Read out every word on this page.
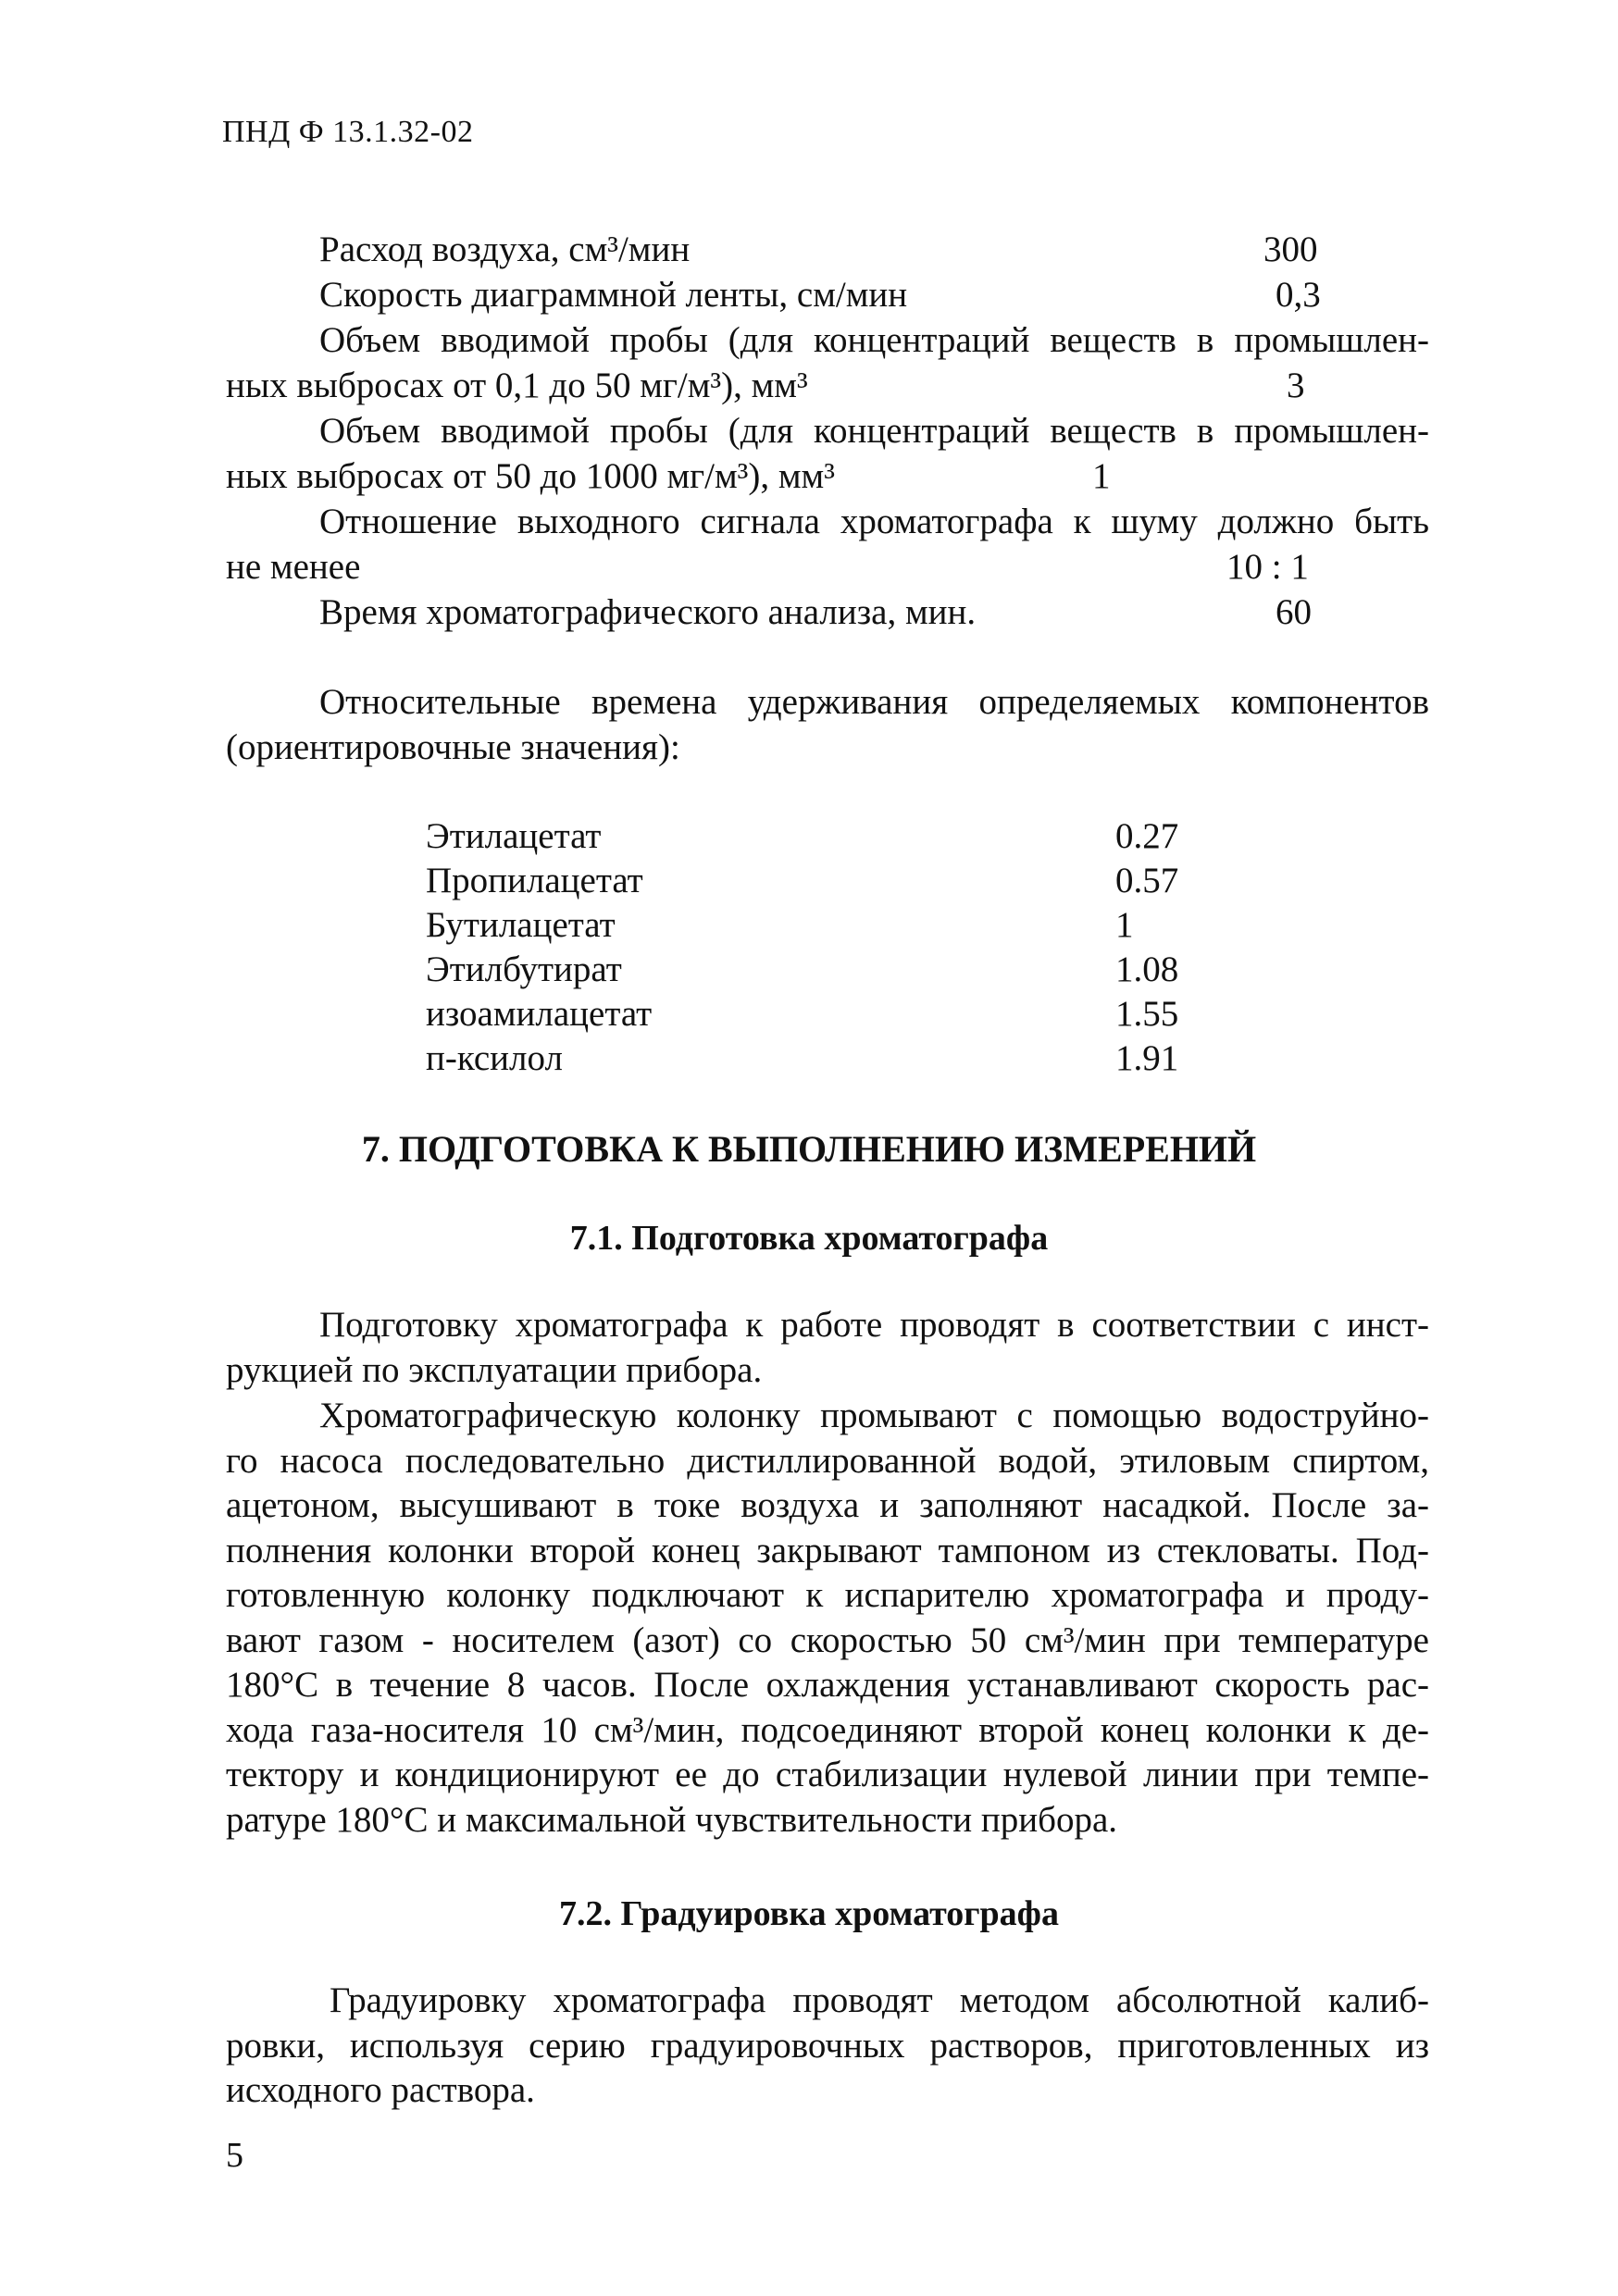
ПНД Ф 13.1.32-02
Расход воздуха, см³/мин	300
Скорость диаграммной ленты, см/мин	0,3
Объем вводимой пробы (для концентраций веществ в промышлен-
ных выбросах от 0,1 до 50 мг/м³), мм³	3
Объем вводимой пробы (для концентраций веществ в промышлен-
ных выбросах от 50 до 1000 мг/м³), мм³	1
Отношение выходного сигнала хроматографа к шуму должно быть
не менее	10 : 1
Время хроматографического анализа, мин.	60
Относительные времена удерживания определяемых компонентов
(ориентировочные значения):
Этилацетат	0.27
Пропилацетат	0.57
Бутилацетат	1
Этилбутират	1.08
изоамилацетат	1.55
п-ксилол	1.91
7. ПОДГОТОВКА К ВЫПОЛНЕНИЮ ИЗМЕРЕНИЙ
7.1. Подготовка хроматографа
Подготовку хроматографа к работе проводят в соответствии с инст-
рукцией по эксплуатации прибора.
Хроматографическую колонку промывают с помощью водоструйно-
го насоса последовательно дистиллированной водой, этиловым спиртом,
ацетоном, высушивают в токе воздуха и заполняют насадкой. После за-
полнения колонки второй конец закрывают тампоном из стекловаты. Под-
готовленную колонку подключают к испарителю хроматографа и проду-
вают газом - носителем (азот) со скоростью 50 см³/мин при температуре
180°C в течение 8 часов. После охлаждения устанавливают скорость рас-
хода газа-носителя 10 см³/мин, подсоединяют второй конец колонки к де-
тектору и кондиционируют ее до стабилизации нулевой линии при темпе-
ратуре 180°C и максимальной чувствительности прибора.
7.2. Градуировка хроматографа
Градуировку хроматографа проводят методом абсолютной калиб-
ровки, используя серию градуировочных растворов, приготовленных из
исходного раствора.
5
